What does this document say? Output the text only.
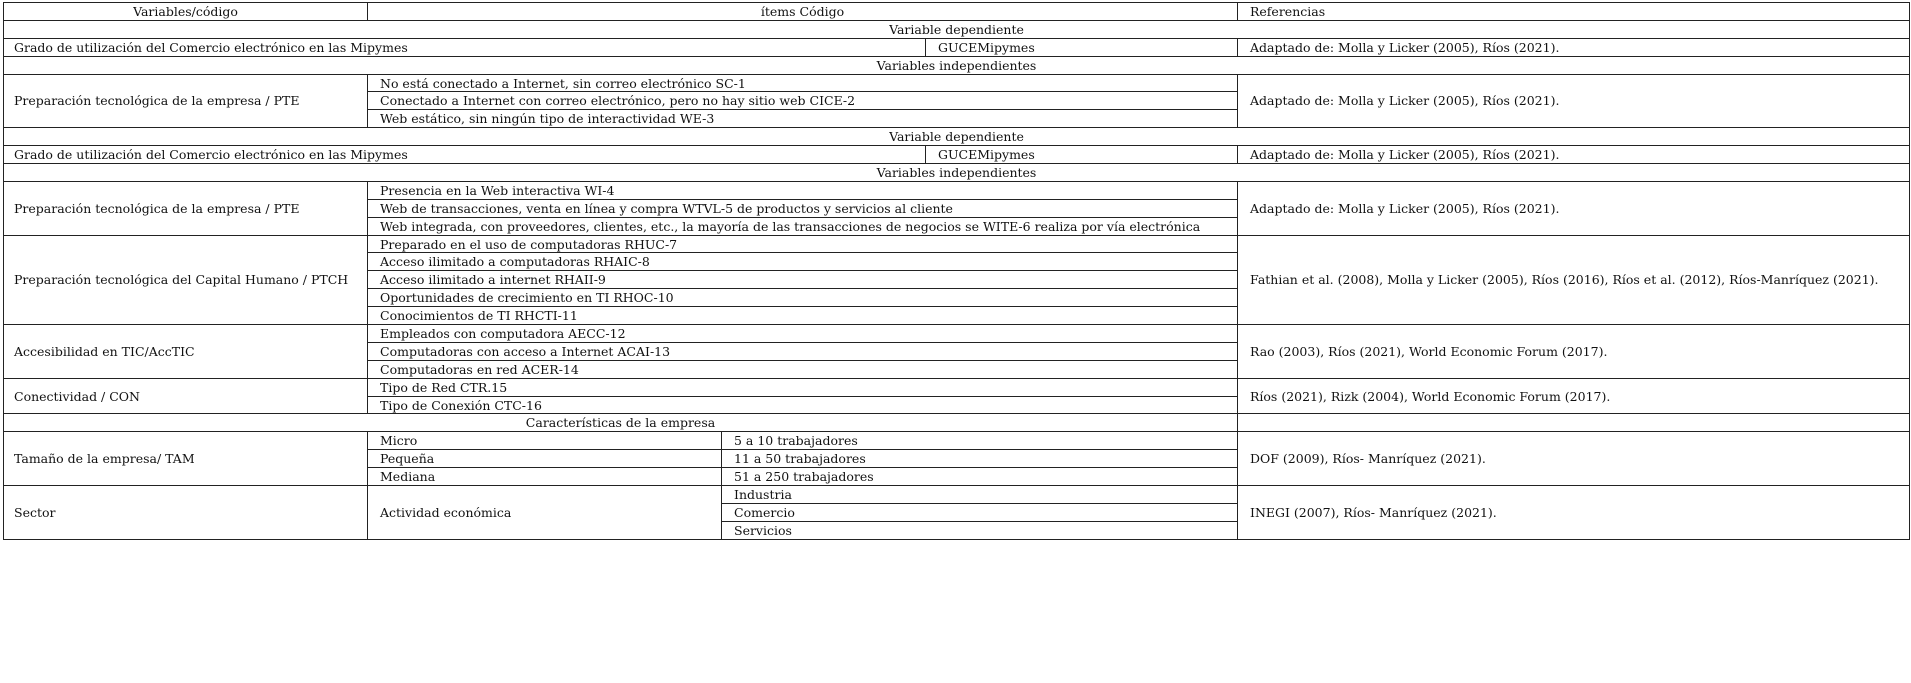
Variables/código	ítems Código			Referencias
Variable dependiente				
Grado de utilización del Comercio electrónico en las Mipymes			GUCEMipymes	Adaptado de: Molla y Licker (2005), Ríos (2021).
Variables independientes				
Preparación tecnológica de la empresa / PTE	No está conectado a Internet, sin correo electrónico SC-1			Adaptado de: Molla y Licker (2005), Ríos (2021).
	Conectado a Internet con correo electrónico, pero no hay sitio web CICE-2			
	Web estático, sin ningún tipo de interactividad WE-3			
Variable dependiente				
Grado de utilización del Comercio electrónico en las Mipymes			GUCEMipymes	Adaptado de: Molla y Licker (2005), Ríos (2021).
Variables independientes				
Preparación tecnológica de la empresa / PTE	Presencia en la Web interactiva WI-4			Adaptado de: Molla y Licker (2005), Ríos (2021).
	Web de transacciones, venta en línea y compra WTVL-5 de productos y servicios al cliente			
	Web integrada, con proveedores, clientes, etc., la mayoría de las transacciones de negocios se WITE-6 realiza por vía electrónica			
Preparación tecnológica del Capital Humano / PTCH	Preparado en el uso de computadoras RHUC-7			Fathian et al. (2008), Molla y Licker (2005), Ríos (2016), Ríos et al. (2012), Ríos-Manríquez (2021).
	Acceso ilimitado a computadoras RHAIC-8			
	Acceso ilimitado a internet RHAII-9			
	Oportunidades de crecimiento en TI RHOC-10			
	Conocimientos de TI RHCTI-11			
Accesibilidad en TIC/AccTIC	Empleados con computadora AECC-12			Rao (2003), Ríos (2021), World Economic Forum (2017).
	Computadoras con acceso a Internet ACAI-13			
	Computadoras en red ACER-14			
Conectividad / CON	Tipo de Red CTR.15			Ríos (2021), Rizk (2004), World Economic Forum (2017).
	Tipo de Conexión CTC-16			
Características de la empresa				
Tamaño de la empresa/ TAM	Micro	5 a 10 trabajadores		DOF (2009), Ríos- Manríquez (2021).
	Pequeña	11 a 50 trabajadores		
	Mediana	51 a 250 trabajadores		
Sector	Actividad económica	Industria		INEGI (2007), Ríos- Manríquez (2021).
		Comercio		
		Servicios		
